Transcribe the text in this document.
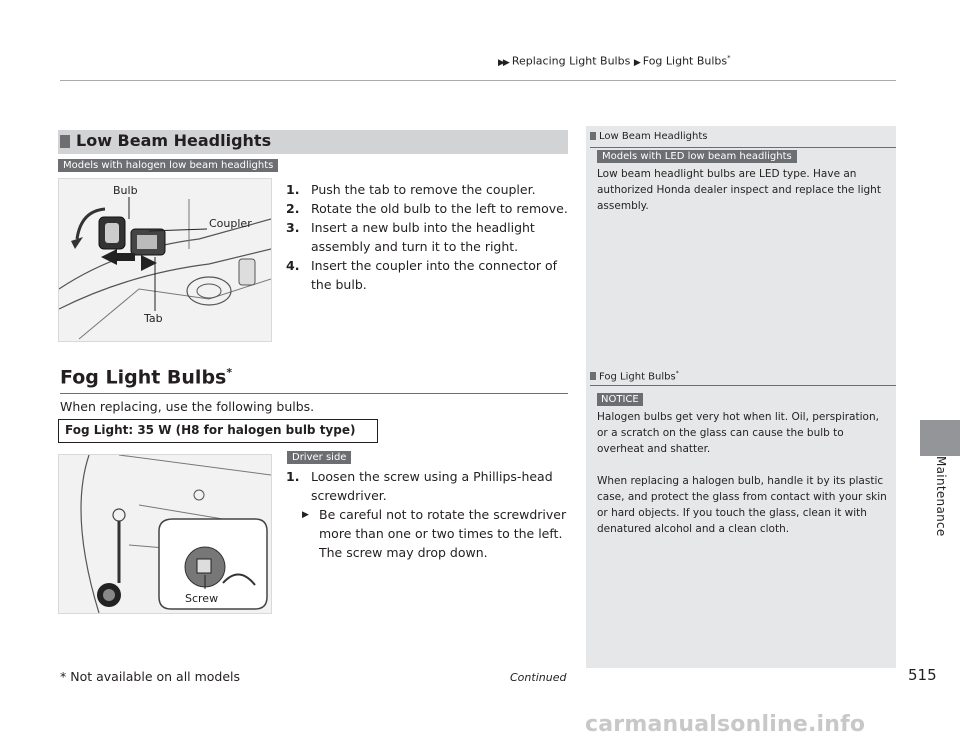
▶▶ Replacing Light Bulbs ▶ Fog Light Bulbs*
Maintenance
Low Beam Headlights
Models with halogen low beam headlights
Bulb
Coupler
Tab
1. Push the tab to remove the coupler.
2. Rotate the old bulb to the left to remove.
3. Insert a new bulb into the headlight assembly and turn it to the right.
4. Insert the coupler into the connector of the bulb.
Low Beam Headlights
Models with LED low beam headlights
Low beam headlight bulbs are LED type. Have an authorized Honda dealer inspect and replace the light assembly.
Fog Light Bulbs*
When replacing, use the following bulbs.
Fog Light: 35 W (H8 for halogen bulb type)
Screw
Driver side
1. Loosen the screw using a Phillips-head screwdriver.
▶ Be careful not to rotate the screwdriver more than one or two times to the left. The screw may drop down.
Fog Light Bulbs*
NOTICE
Halogen bulbs get very hot when lit. Oil, perspiration, or a scratch on the glass can cause the bulb to overheat and shatter.
When replacing a halogen bulb, handle it by its plastic case, and protect the glass from contact with your skin or hard objects. If you touch the glass, clean it with denatured alcohol and a clean cloth.
* Not available on all models	Continued	515
carmanualsonline.info
